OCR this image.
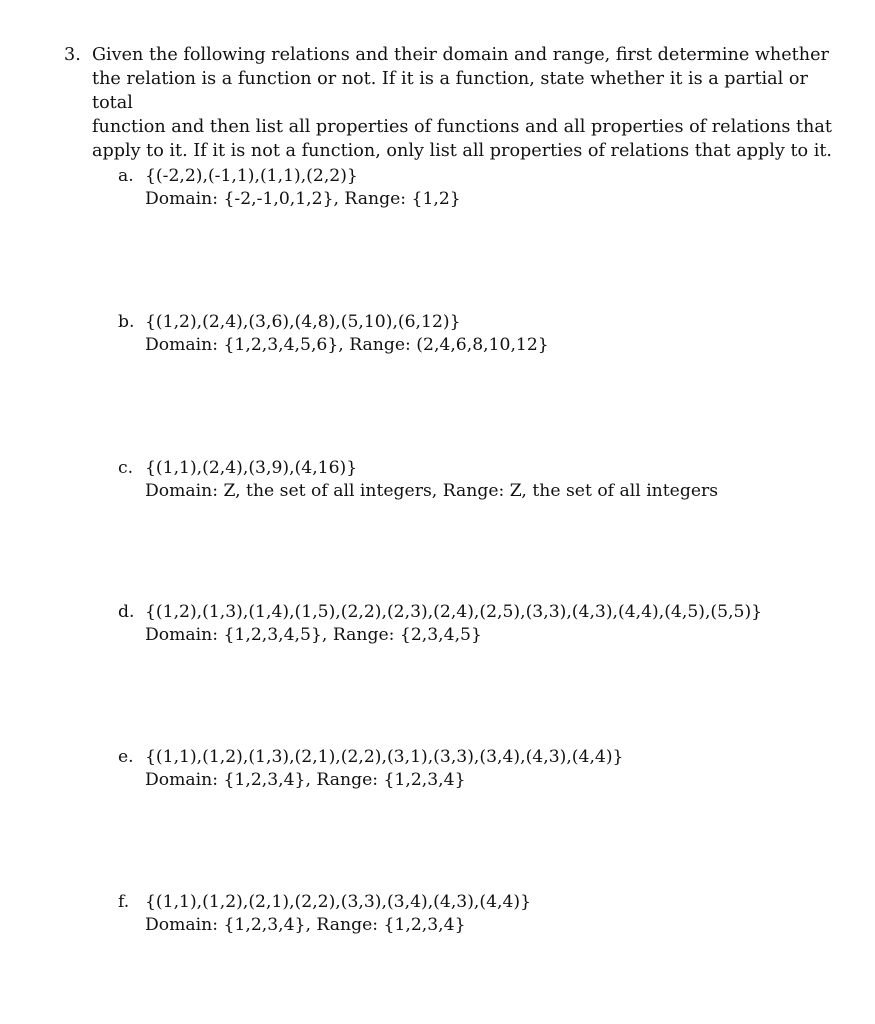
3. Given the following relations and their domain and range, first determine whether
the relation is a function or not. If it is a function, state whether it is a partial or total
function and then list all properties of functions and all properties of relations that
apply to it. If it is not a function, only list all properties of relations that apply to it.
a. {(-2,2),(-1,1),(1,1),(2,2)}
Domain: {-2,-1,0,1,2}, Range: {1,2}
b. {(1,2),(2,4),(3,6),(4,8),(5,10),(6,12)}
Domain: {1,2,3,4,5,6}, Range: (2,4,6,8,10,12}
c. {(1,1),(2,4),(3,9),(4,16)}
Domain: Z, the set of all integers, Range: Z, the set of all integers
d. {(1,2),(1,3),(1,4),(1,5),(2,2),(2,3),(2,4),(2,5),(3,3),(4,3),(4,4),(4,5),(5,5)}
Domain: {1,2,3,4,5}, Range: {2,3,4,5}
e. {(1,1),(1,2),(1,3),(2,1),(2,2),(3,1),(3,3),(3,4),(4,3),(4,4)}
Domain: {1,2,3,4}, Range: {1,2,3,4}
f. {(1,1),(1,2),(2,1),(2,2),(3,3),(3,4),(4,3),(4,4)}
Domain: {1,2,3,4}, Range: {1,2,3,4}
